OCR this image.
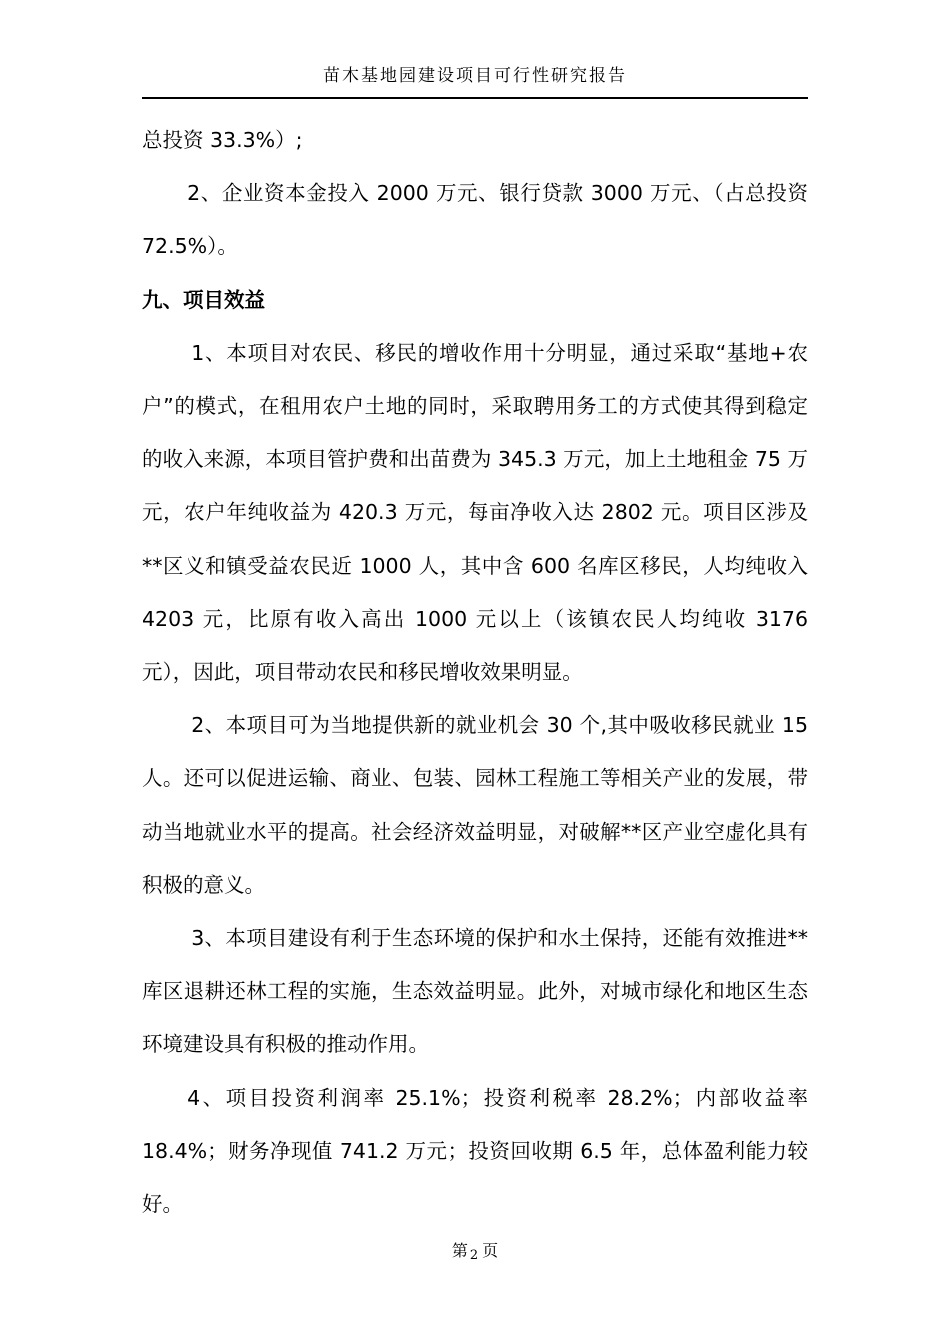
苗木基地园建设项目可行性研究报告

总投资 33.3%）;

2、企业资本金投入 2000 万元、银行贷款 3000 万元、（占总投资 72.5%）。

九、项目效益

1、本项目对农民、移民的增收作用十分明显，通过采取“基地+农户”的模式，在租用农户土地的同时，采取聘用务工的方式使其得到稳定的收入来源，本项目管护费和出苗费为 345.3 万元，加上土地租金 75 万元，农户年纯收益为 420.3 万元，每亩净收入达 2802 元。项目区涉及**区义和镇受益农民近 1000 人，其中含 600 名库区移民，人均纯收入 4203 元，比原有收入高出 1000 元以上（该镇农民人均纯收 3176 元），因此，项目带动农民和移民增收效果明显。

2、本项目可为当地提供新的就业机会 30 个,其中吸收移民就业 15 人。还可以促进运输、商业、包装、园林工程施工等相关产业的发展，带动当地就业水平的提高。社会经济效益明显，对破解**区产业空虚化具有积极的意义。

3、本项目建设有利于生态环境的保护和水土保持，还能有效推进**库区退耕还林工程的实施，生态效益明显。此外，对城市绿化和地区生态环境建设具有积极的推动作用。

4、项目投资利润率 25.1%；投资利税率 28.2%；内部收益率 18.4%；财务净现值 741.2 万元；投资回收期 6.5 年，总体盈利能力较好。

第 2 页
